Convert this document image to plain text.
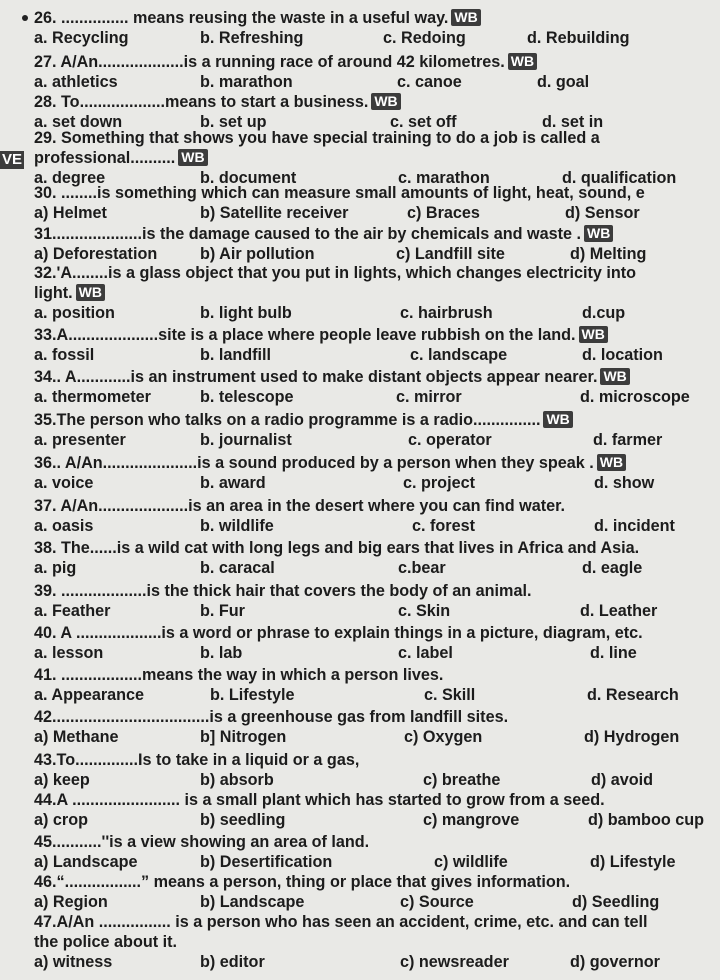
26. ............... means reusing the waste in a useful way. WB
a. Recycling	b. Refreshing	c. Redoing	d. Rebuilding
27. A/An...................is a running race of around 42 kilometres. WB
a. athletics	b. marathon	c. canoe	d. goal
28. To...................means to start a business. WB
a. set down	b. set up	c. set off	d. set in
29. Something that shows you have special training to do a job is called a
professional.......... WB
a. degree	b. document	c. marathon	d. qualification
30. ........is something which can measure small amounts of light, heat, sound, e
a) Helmet	b) Satellite receiver	c) Braces	d) Sensor
31....................is the damage caused to the air by chemicals and waste . WB
a) Deforestation	b) Air pollution	c) Landfill site	d) Melting
32.'A........is a glass object that you put in lights, which changes electricity into
light. WB
a. position	b. light bulb	c. hairbrush	d.cup
33.A....................site is a place where people leave rubbish on the land. WB
a. fossil	b. landfill	c. landscape	d. location
34.. A............is an instrument used to make distant objects appear nearer. WB
a. thermometer	b. telescope	c. mirror	d. microscope
35.The person who talks on a radio programme is a radio............... WB
a. presenter	b. journalist	c. operator	d. farmer
36.. A/An.....................is a sound produced by a person when they speak . WB
a. voice	b. award	c. project	d. show
37. A/An....................is an area in the desert where you can find water.
a. oasis	b. wildlife	c. forest	d. incident
38. The......is a wild cat with long legs and big ears that lives in Africa and Asia.
a. pig	b. caracal	c.bear	d. eagle
39. ...................is the thick hair that covers the body of an animal.
a. Feather	b. Fur	c. Skin	d. Leather
40. A ...................is a word or phrase to explain things in a picture, diagram, etc.
a. lesson	b. lab	c. label	d. line
41. ..................means the way in which a person lives.
a. Appearance	b. Lifestyle	c. Skill	d. Research
42...................................is a greenhouse gas from landfill sites.
a) Methane	b] Nitrogen	c) Oxygen	d) Hydrogen
43.To..............Is to take in a liquid or a gas,
a) keep	b) absorb	c) breathe	d) avoid
44.A ........................ is a small plant which has started to grow from a seed.
a) crop	b) seedling	c) mangrove	d) bamboo cup
45...........''is a view showing an area of land.
a) Landscape	b) Desertification	c) wildlife	d) Lifestyle
46.“.................” means a person, thing or place that gives information.
a) Region	b) Landscape	c) Source	d) Seedling
47.A/An ................ is a person who has seen an accident, crime, etc. and can tell
the police about it.
a) witness	b) editor	c) newsreader	d) governor
VE
